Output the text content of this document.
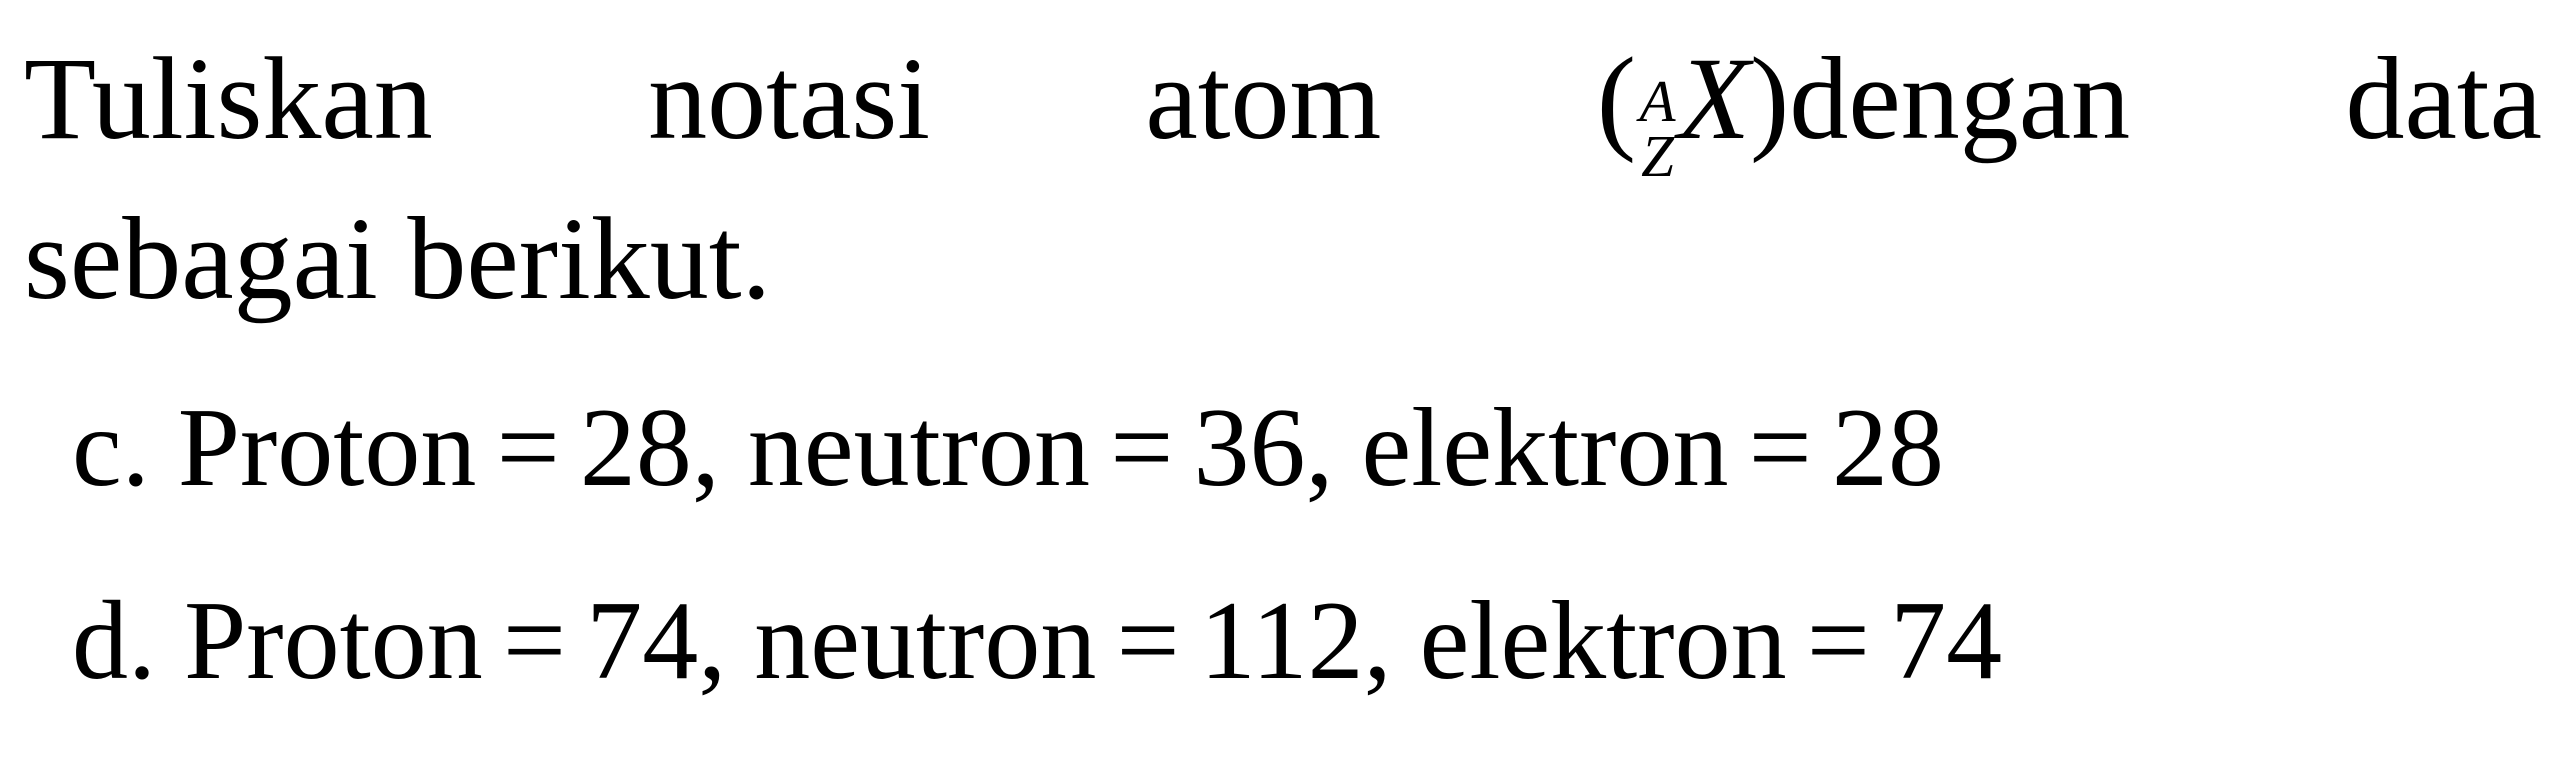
Tuliskan notasi atom ( A
Z X ) dengan data
sebagai berikut.
c. Proton = 28, neutron = 36, elektron = 28
d. Proton = 74, neutron = 112, elektron = 74
